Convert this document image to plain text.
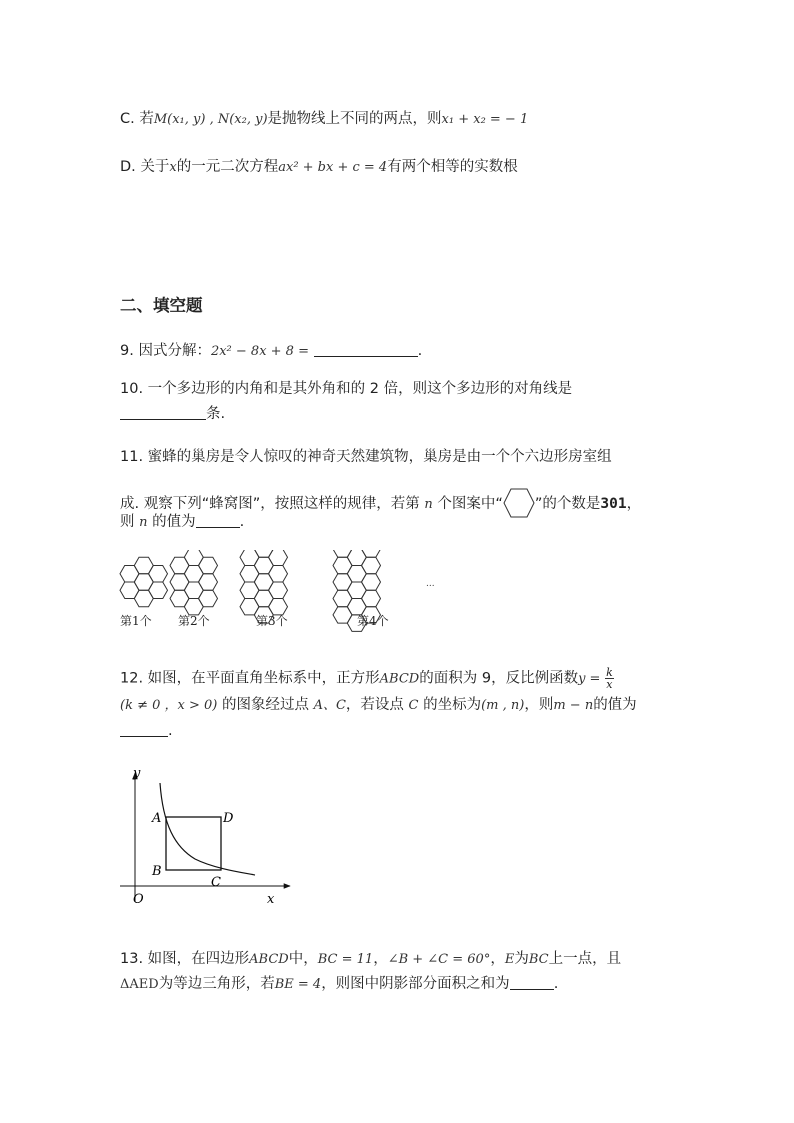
C. 若M(x₁, y) , N(x₂, y)是抛物线上不同的两点，则x₁ + x₂ = − 1
D. 关于x的一元二次方程ax² + bx + c = 4有两个相等的实数根
二、填空题
9. 因式分解：2x² − 8x + 8 =	.
10. 一个多边形的内角和是其外角和的 2 倍，则这个多边形的对角线是
条.
11. 蜜蜂的巢房是令人惊叹的神奇天然建筑物，巢房是由一个个六边形房室组
成. 观察下列“蜂窝图”，按照这样的规律，若第 n 个图案中“ ”的个数是301，
则 n 的值为	.
...
第1个 第2个	第3个	第4个
12. 如图，在平面直角坐标系中，正方形ABCD的面积为 9，反比例函数$y = \frac{k}{x}$
(k ≠ 0 ，x > 0) 的图象经过点 A、C，若设点 C 的坐标为(m , n)，则m − n的值为
.
y
x
O
A
B
C
D
13. 如图，在四边形ABCD中，BC = 11，∠B + ∠C = 60°，E为BC上一点，且
ΔAED为等边三角形，若BE = 4，则图中阴影部分面积之和为	.
